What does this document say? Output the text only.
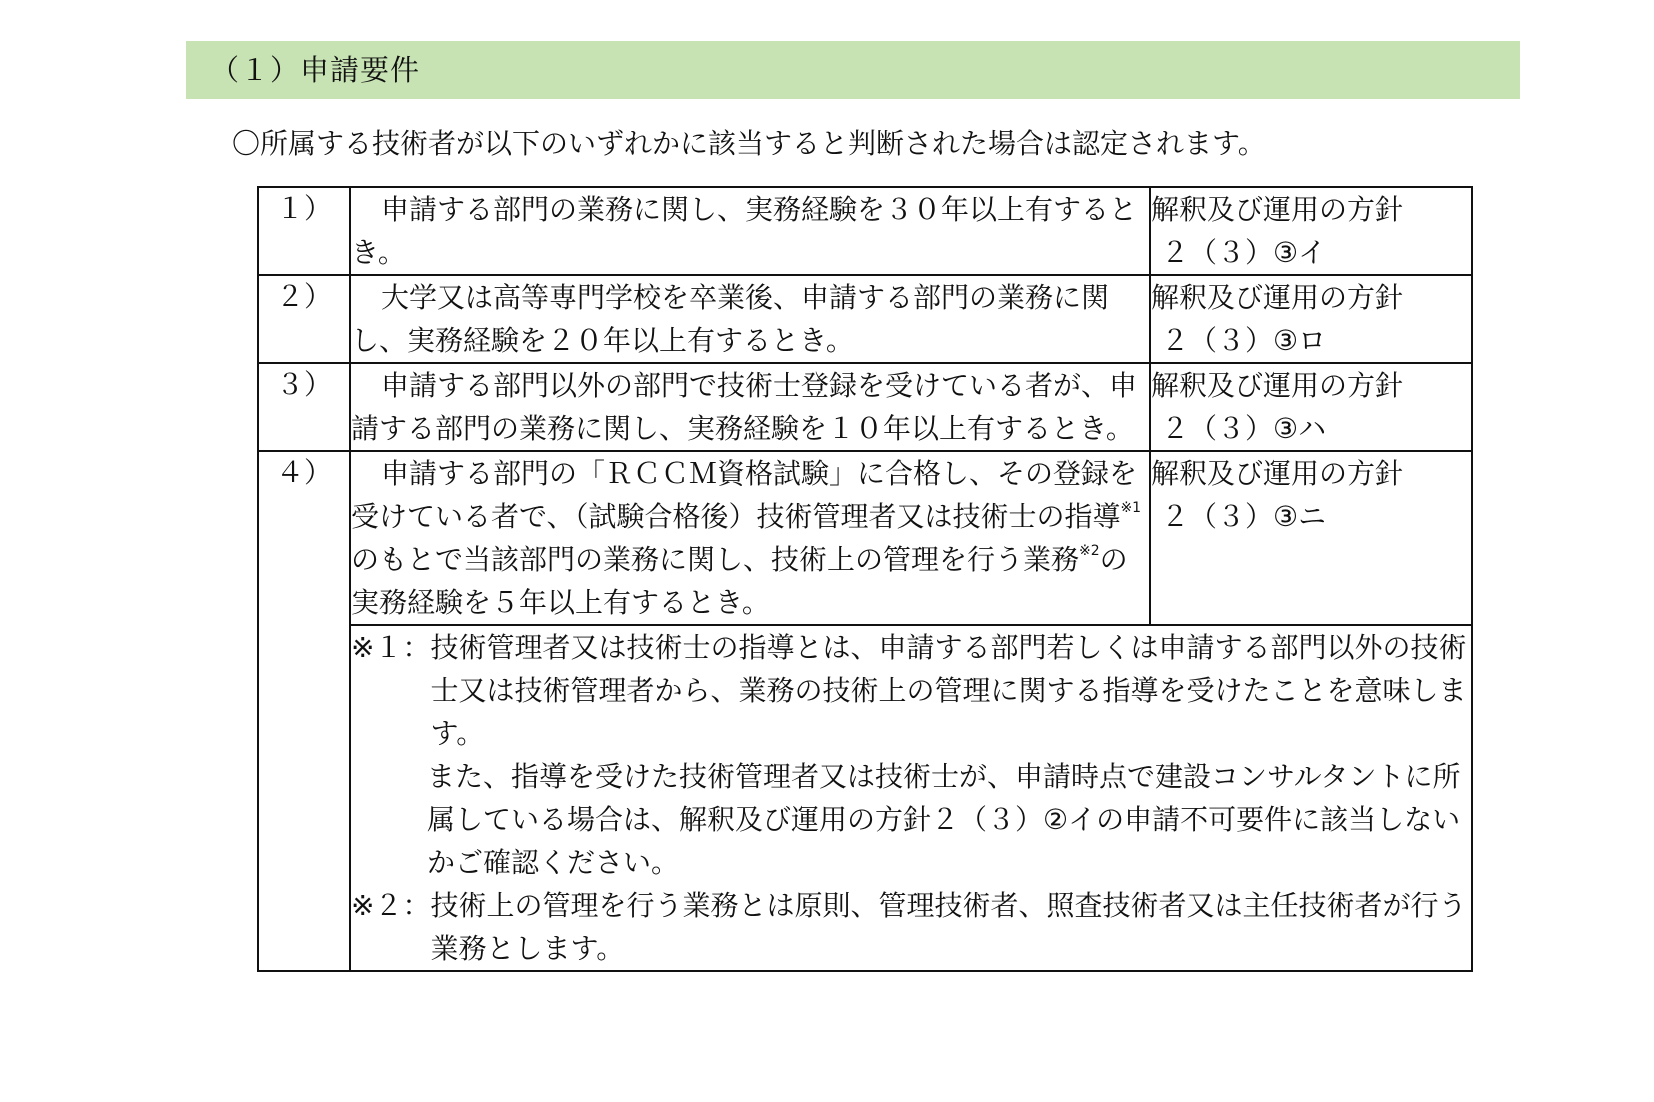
（１）申請要件
〇所属する技術者が以下のいずれかに該当すると判断された場合は認定されます。
１）	申請する部門の業務に関し、実務経験を３０年以上有するとき。	解釈及び運用の方針
２（３）③イ

２）	大学又は高等専門学校を卒業後、申請する部門の業務に関し、実務経験を２０年以上有するとき。	解釈及び運用の方針
２（３）③ロ

３）	申請する部門以外の部門で技術士登録を受けている者が、申請する部門の業務に関し、実務経験を１０年以上有するとき。	解釈及び運用の方針
２（３）③ハ

４）	申請する部門の「ＲＣＣＭ資格試験」に合格し、その登録を受けている者で、（試験合格後）技術管理者又は技術士の指導$^{※1}$のもとで当該部門の業務に関し、技術上の管理を行う業務$^{※2}$の実務経験を５年以上有するとき。	解釈及び運用の方針
２（３）③ニ

	※１： 技術管理者又は技術士の指導とは、申請する部門若しくは申請する部門以外の技術士又は技術管理者から、業務の技術上の管理に関する指導を受けたことを意味します。
また、指導を受けた技術管理者又は技術士が、申請時点で建設コンサルタントに所属している場合は、解釈及び運用の方針２（３）②イの申請不可要件に該当しないかご確認ください。
※２： 技術上の管理を行う業務とは原則、管理技術者、照査技術者又は主任技術者が行う業務とします。	
